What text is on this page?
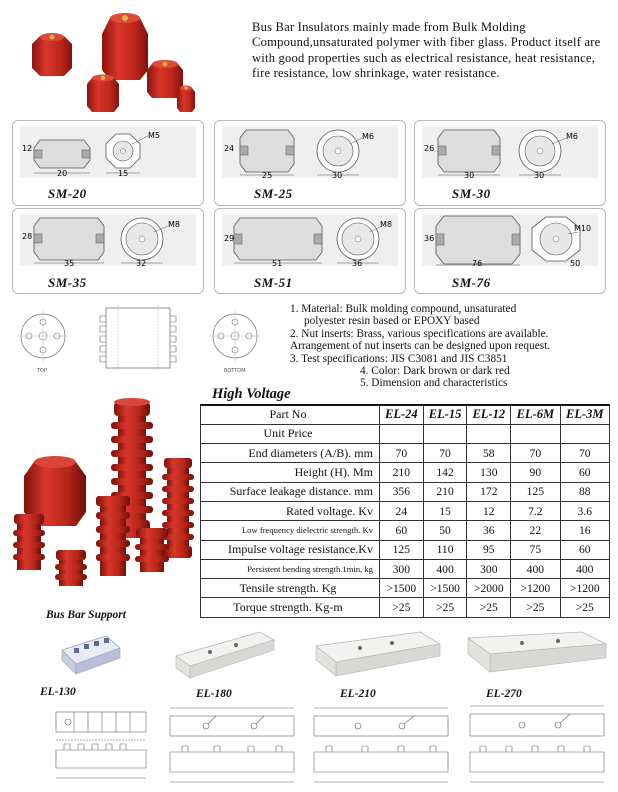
Bus Bar Insulators mainly made from Bulk Molding Compound,unsaturated polymer with fiber glass. Product itself are with good properties such as electrical resistance, heat resistance, fire resistance, low shrinkage, water resistance.
12
20
M5
15
SM-20
24
25
M6
30
SM-25
26
30
M6
30
SM-30
28
35
M8
32
SM-35
29
51
M8
36
SM-51
36
76
M10
50
SM-76
TOP	BOTTOM
1. Material: Bulk molding compound, unsaturated
polyester resin based or EPOXY based
2. Nut inserts: Brass, various specifications are available.
Arrangement of nut inserts can be designed upon request.
3. Test specifications: JIS C3081 and JIS C3851
4. Color: Dark brown or dark red
5. Dimension and characteristics
High Voltage
Part No	EL-24	EL-15	EL-12	EL-6M	EL-3M
Unit Price					
End diameters (A/B). mm	70	70	58	70	70
Height (H). Mm	210	142	130	90	60
Surface leakage distance. mm	356	210	172	125	88
Rated voltage. Kv	24	15	12	7.2	3.6
Low frequency dielectric strength. Kv	60	50	36	22	16
Impulse voltage resistance.Kv	125	110	95	75	60
Persistent bending strength.1min, kg	300	400	300	400	400
Tensile strength. Kg	>1500	>1500	>2000	>1200	>1200
Torque strength. Kg-m	>25	>25	>25	>25	>25
Bus Bar Support
EL-130	EL-180	EL-210	EL-270
